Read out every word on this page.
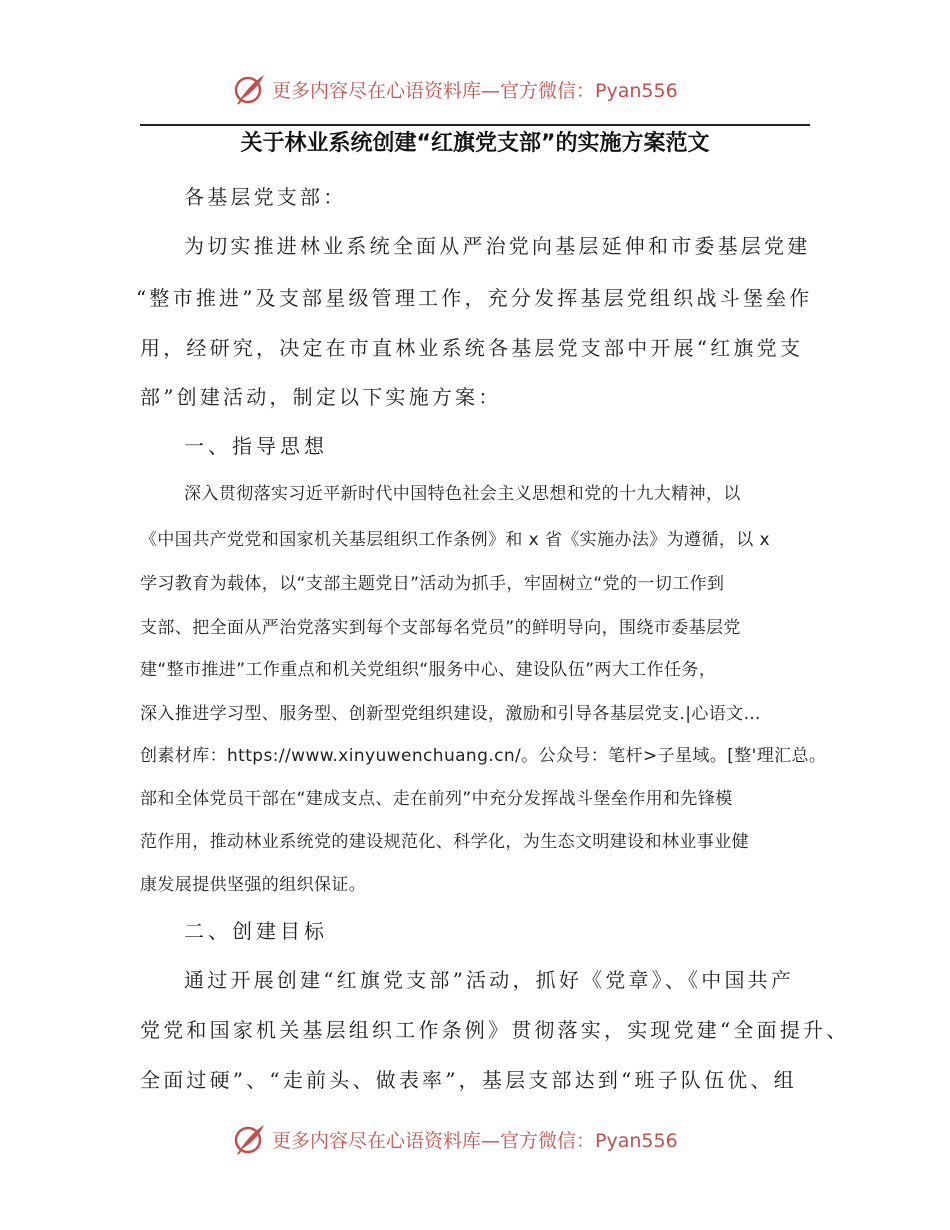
更多内容尽在心语资料库—官方微信：Pyan556
关于林业系统创建“红旗党支部”的实施方案范文
各基层党支部：
为切实推进林业系统全面从严治党向基层延伸和市委基层党建
“整市推进”及支部星级管理工作，充分发挥基层党组织战斗堡垒作
用，经研究，决定在市直林业系统各基层党支部中开展“红旗党支
部”创建活动，制定以下实施方案：
一、指导思想
深入贯彻落实习近平新时代中国特色社会主义思想和党的十九大精神，以
《中国共产党党和国家机关基层组织工作条例》和 x 省《实施办法》为遵循，以 x
学习教育为载体，以“支部主题党日”活动为抓手，牢固树立“党的一切工作到
支部、把全面从严治党落实到每个支部每名党员”的鲜明导向，围绕市委基层党
建“整市推进”工作重点和机关党组织“服务中心、建设队伍”两大工作任务，
深入推进学习型、服务型、创新型党组织建设，激励和引导各基层党支.|心语文…
创素材库：https://www.xinyuwenchuang.cn/。公众号：笔杆>子星域。[整'理汇总。
部和全体党员干部在“建成支点、走在前列”中充分发挥战斗堡垒作用和先锋模
范作用，推动林业系统党的建设规范化、科学化，为生态文明建设和林业事业健
康发展提供坚强的组织保证。
二、创建目标
通过开展创建“红旗党支部”活动，抓好《党章》、《中国共产
党党和国家机关基层组织工作条例》贯彻落实，实现党建“全面提升、
全面过硬”、“走前头、做表率”，基层支部达到“班子队伍优、组
更多内容尽在心语资料库—官方微信：Pyan556
